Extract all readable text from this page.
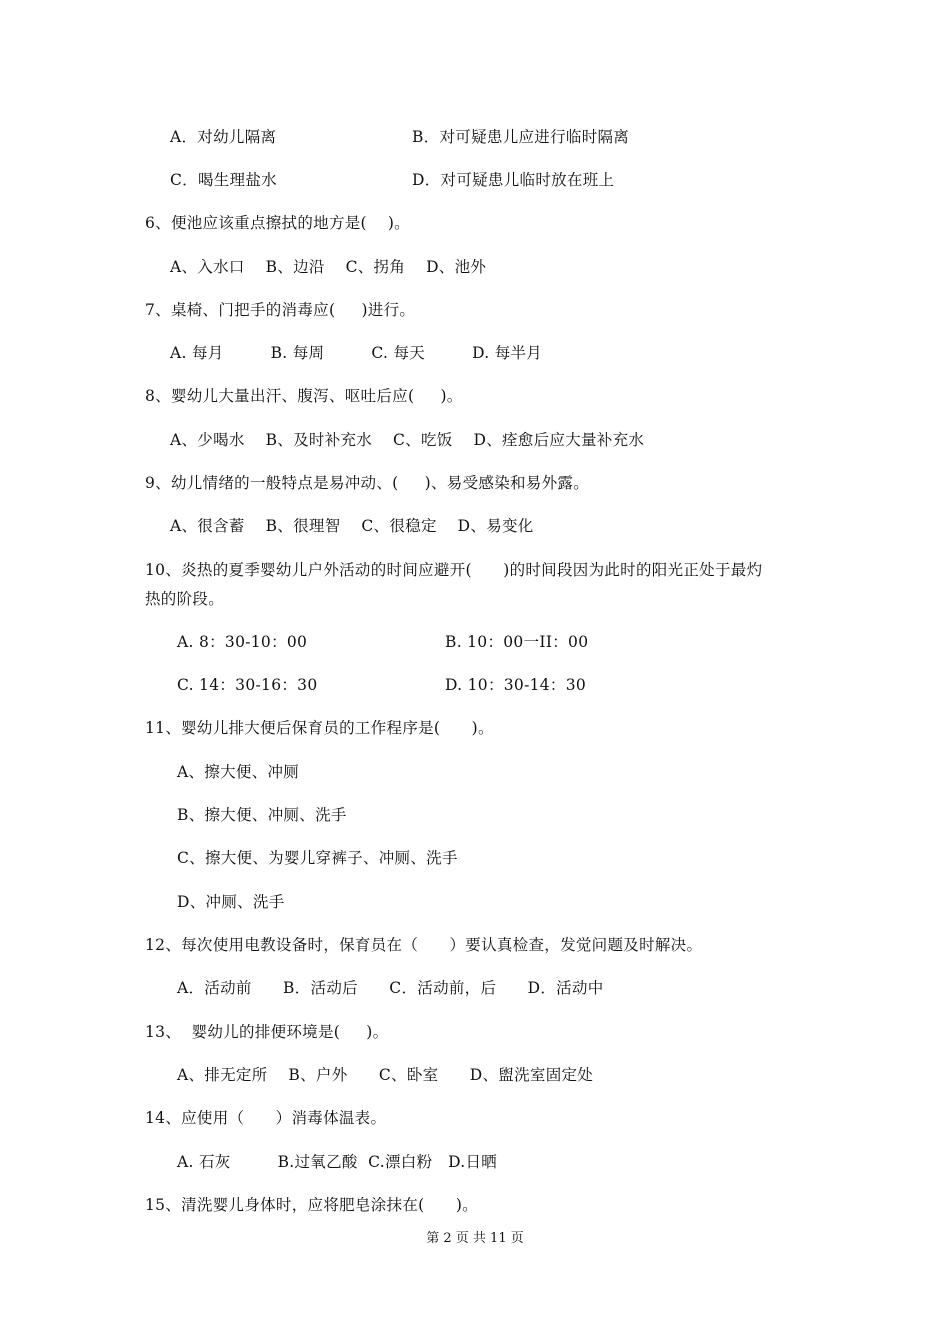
A．对幼儿隔离	B．对可疑患儿应进行临时隔离
C．喝生理盐水	D．对可疑患儿临时放在班上
6、便池应该重点擦拭的地方是(    )。
A、入水口    B、边沿    C、拐角    D、池外
7、桌椅、门把手的消毒应(     )进行。
A. 每月         B. 每周         C. 每天         D. 每半月
8、婴幼儿大量出汗、腹泻、呕吐后应(     )。
A、少喝水    B、及时补充水    C、吃饭    D、痊愈后应大量补充水
9、幼儿情绪的一般特点是易冲动、(     )、易受感染和易外露。
A、很含蓄    B、很理智    C、很稳定    D、易变化
10、炎热的夏季婴幼儿户外活动的时间应避开(      )的时间段因为此时的阳光正处于最灼
热的阶段。
A. 8：30-10：00	B. 10：00一II：00
C. 14：30-16：30	D. 10：30-14：30
11、婴幼儿排大便后保育员的工作程序是(      )。
A、擦大便、冲厕
B、擦大便、冲厕、洗手
C、擦大便、为婴儿穿裤子、冲厕、洗手
D、冲厕、洗手
12、每次使用电教设备时，保育员在（      ）要认真检查，发觉问题及时解决。
A．活动前      B．活动后      C．活动前，后      D．活动中
13、  婴幼儿的排便环境是(     )。
A、排无定所    B、户外      C、卧室      D、盥洗室固定处
14、应使用（      ）消毒体温表。
A. 石灰         B.过氧乙酸  C.漂白粉   D.日晒
15、清洗婴儿身体时，应将肥皂涂抹在(      )。
第 2 页 共 11 页
